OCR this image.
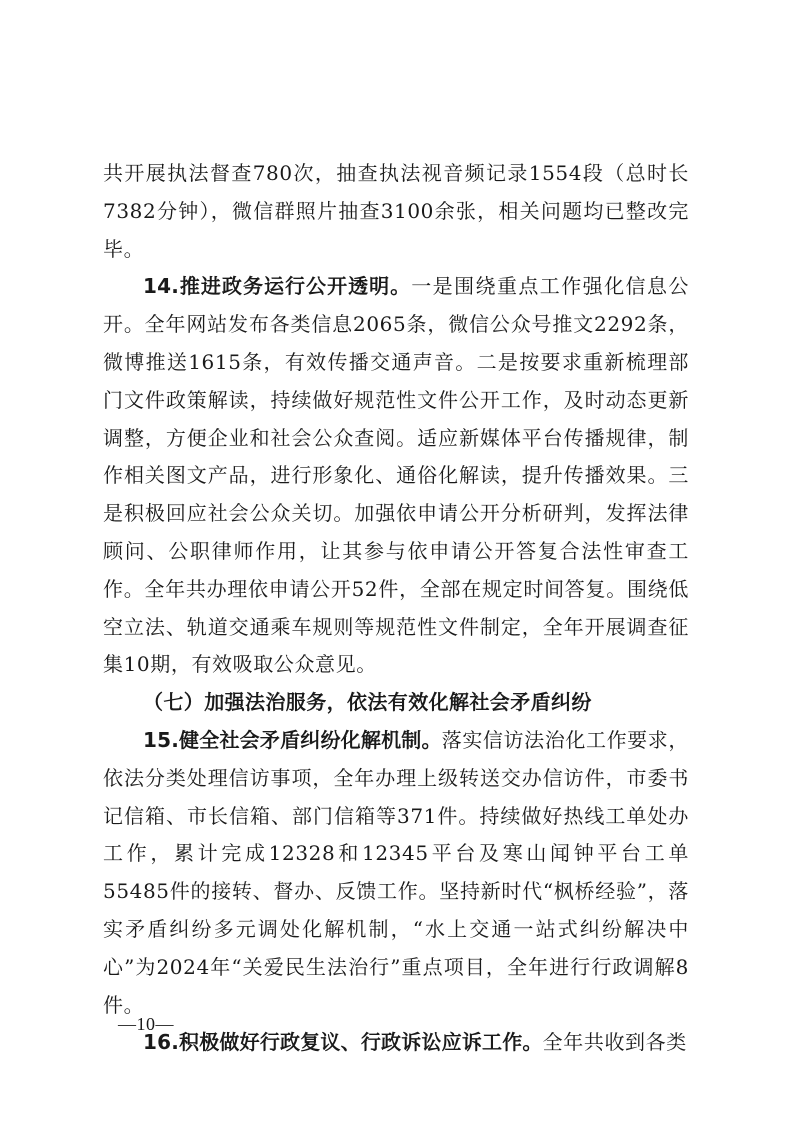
共开展执法督查780次，抽查执法视音频记录1554段（总时长7382分钟），微信群照片抽查3100余张，相关问题均已整改完毕。

14.推进政务运行公开透明。一是围绕重点工作强化信息公开。全年网站发布各类信息2065条，微信公众号推文2292条，微博推送1615条，有效传播交通声音。二是按要求重新梳理部门文件政策解读，持续做好规范性文件公开工作，及时动态更新调整，方便企业和社会公众查阅。适应新媒体平台传播规律，制作相关图文产品，进行形象化、通俗化解读，提升传播效果。三是积极回应社会公众关切。加强依申请公开分析研判，发挥法律顾问、公职律师作用，让其参与依申请公开答复合法性审查工作。全年共办理依申请公开52件，全部在规定时间答复。围绕低空立法、轨道交通乘车规则等规范性文件制定，全年开展调查征集10期，有效吸取公众意见。

（七）加强法治服务，依法有效化解社会矛盾纠纷

15.健全社会矛盾纠纷化解机制。落实信访法治化工作要求，依法分类处理信访事项，全年办理上级转送交办信访件，市委书记信箱、市长信箱、部门信箱等371件。持续做好热线工单处办工作，累计完成12328和12345平台及寒山闻钟平台工单55485件的接转、督办、反馈工作。坚持新时代“枫桥经验”，落实矛盾纠纷多元调处化解机制，“水上交通一站式纠纷解决中心”为2024年“关爱民生法治行”重点项目，全年进行行政调解8件。

16.积极做好行政复议、行政诉讼应诉工作。全年共收到各类

—10—
